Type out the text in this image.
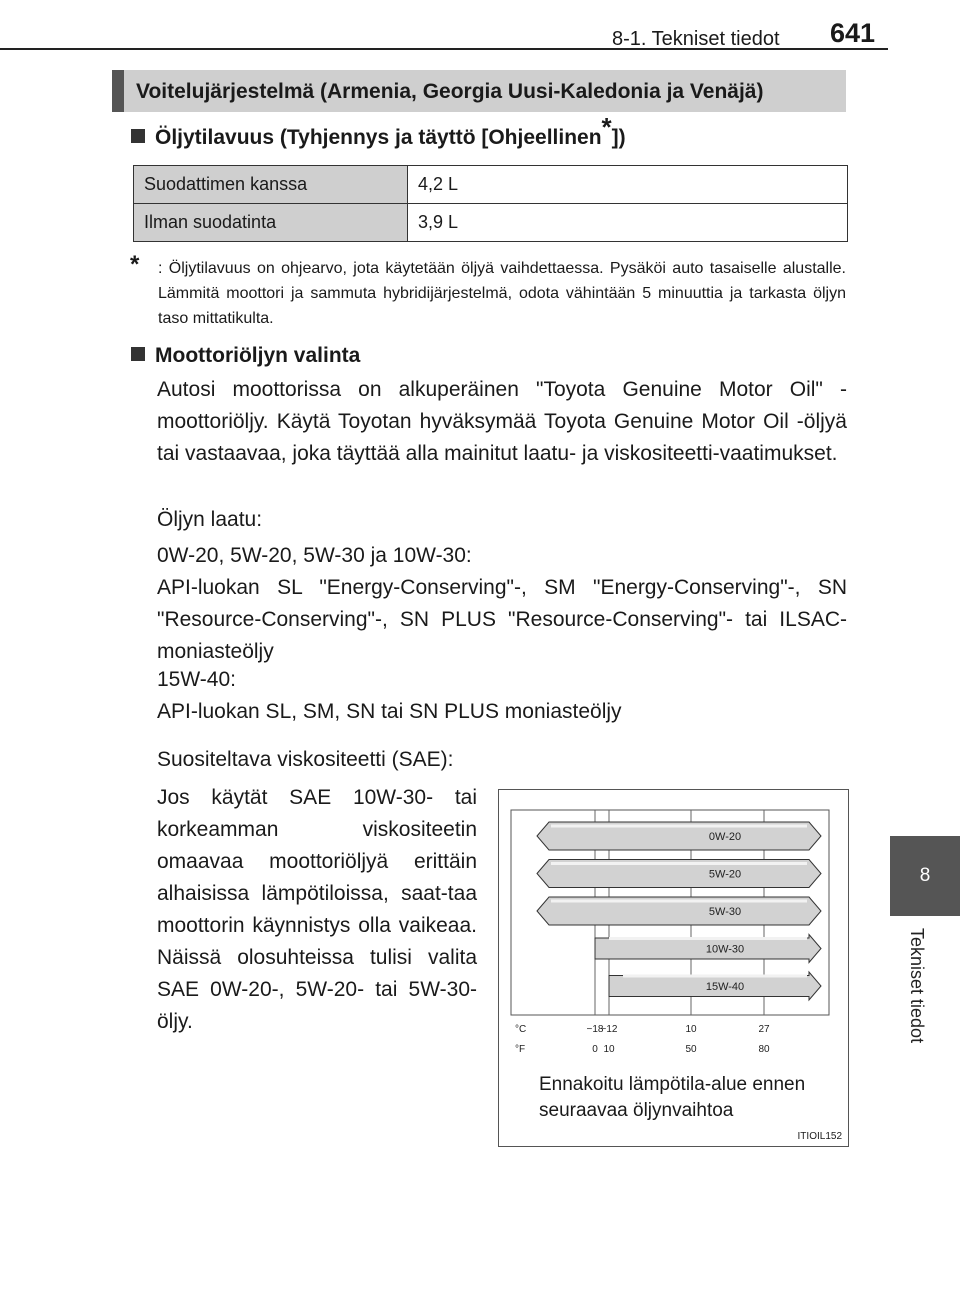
8-1. Tekniset tiedot 641
8
Tekniset tiedot
Voitelujärjestelmä (Armenia, Georgia Uusi-Kaledonia ja Venäjä)
Öljytilavuus (Tyhjennys ja täyttö [Ohjeellinen*])
Suodattimen kanssa	4,2 L
Ilman suodatinta	3,9 L
*	: Öljytilavuus on ohjearvo, jota käytetään öljyä vaihdettaessa. Pysäköi auto tasaiselle alustalle. Lämmitä moottori ja sammuta hybridijärjestelmä, odota vähintään 5 minuuttia ja tarkasta öljyn taso mittatikulta.
Moottoriöljyn valinta
Autosi moottorissa on alkuperäinen "Toyota Genuine Motor Oil" -moottoriöljy. Käytä Toyotan hyväksymää Toyota Genuine Motor Oil -öljyä tai vastaavaa, joka täyttää alla mainitut laatu- ja viskositeetti-vaatimukset.
Öljyn laatu:
0W-20, 5W-20, 5W-30 ja 10W-30:
API-luokan SL "Energy-Conserving"-, SM "Energy-Conserving"-, SN "Resource-Conserving"-, SN PLUS "Resource-Conserving"- tai ILSAC-moniasteöljy
15W-40:
API-luokan SL, SM, SN tai SN PLUS moniasteöljy
Suositeltava viskositeetti (SAE):
Jos käytät SAE 10W-30- tai korkeamman viskositeetin omaavaa moottoriöljyä erittäin alhaisissa lämpötiloissa, saat-taa moottorin käynnistys olla vaikeaa. Näissä olosuhteissa tulisi valita SAE 0W-20-, 5W-20- tai 5W-30-öljy.
0W-20
5W-20
5W-30
10W-30
15W-40
°C
°F
−18
−12	10	27
0 10	50	80
Ennakoitu lämpötila-alue ennen seuraavaa öljynvaihtoa
ITIOIL152
